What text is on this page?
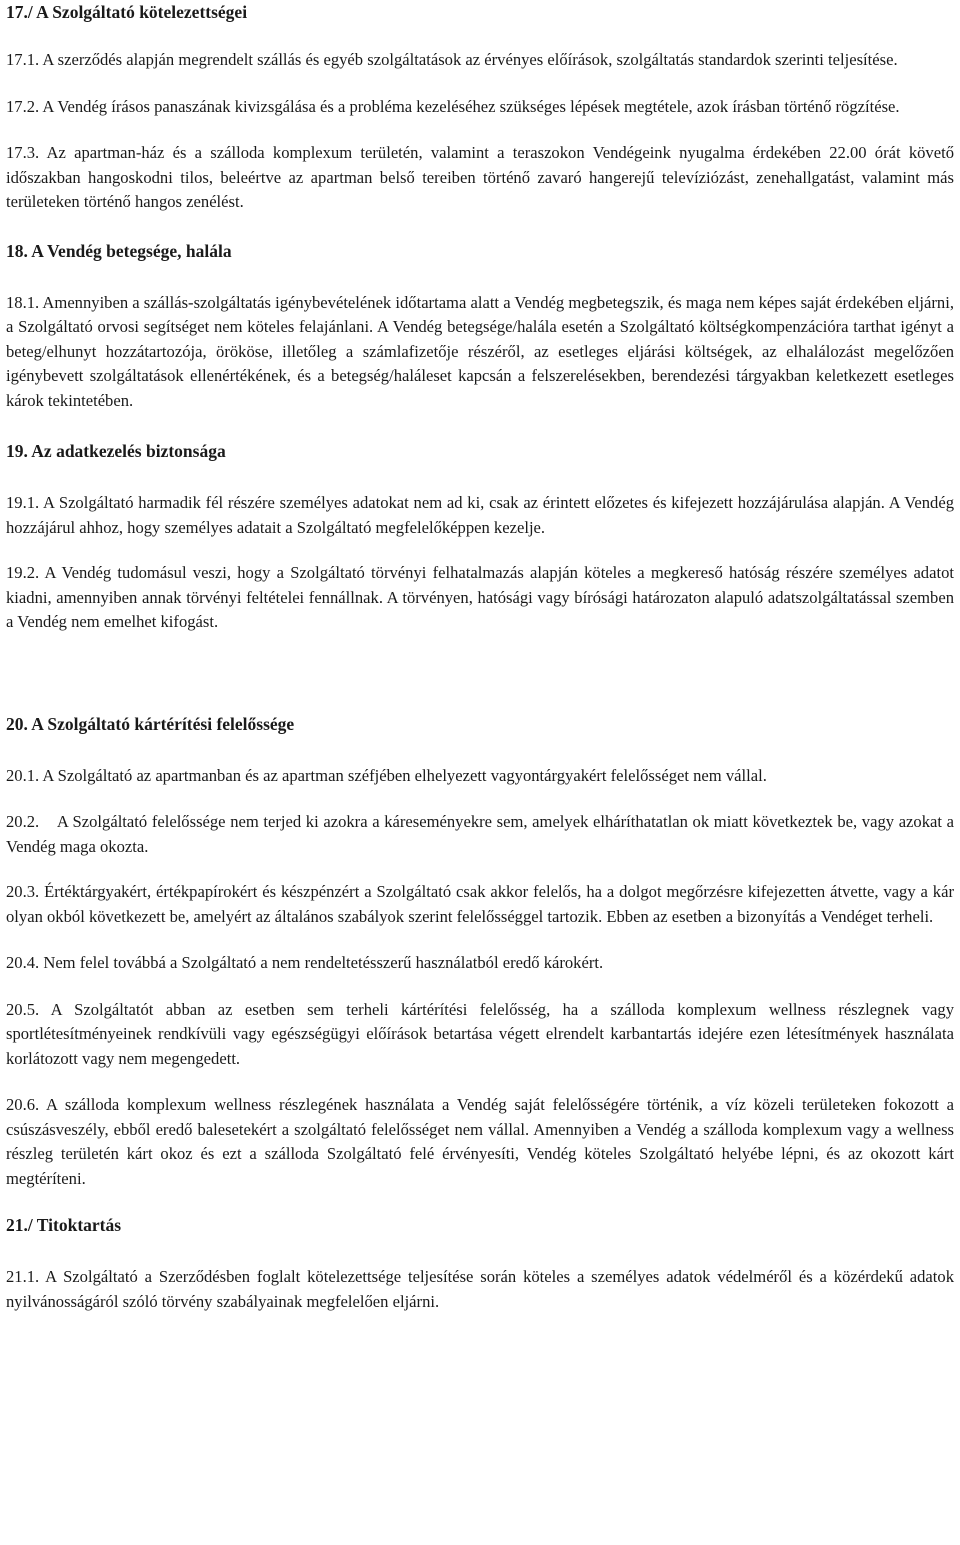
17./ A Szolgáltató kötelezettségei

17.1. A szerződés alapján megrendelt szállás és egyéb szolgáltatások az érvényes előírások, szolgáltatás standardok szerinti teljesítése.

17.2. A Vendég írásos panaszának kivizsgálása és a probléma kezeléséhez szükséges lépések megtétele, azok írásban történő rögzítése.

17.3. Az apartman-ház és a szálloda komplexum területén, valamint a teraszokon Vendégeink nyugalma érdekében 22.00 órát követő időszakban hangoskodni tilos, beleértve az apartman belső tereiben történő zavaró hangerejű televíziózást, zenehallgatást, valamint más területeken történő hangos zenélést.

18. A Vendég betegsége, halála

18.1. Amennyiben a szállás-szolgáltatás igénybevételének időtartama alatt a Vendég megbetegszik, és maga nem képes saját érdekében eljárni, a Szolgáltató orvosi segítséget nem köteles felajánlani. A Vendég betegsége/halála esetén a Szolgáltató költségkompenzációra tarthat igényt a beteg/elhunyt hozzátartozója, örököse, illetőleg a számlafizetője részéről, az esetleges eljárási költségek, az elhalálozást megelőzően igénybevett szolgáltatások ellenértékének, és a betegség/haláleset kapcsán a felszerelésekben, berendezési tárgyakban keletkezett esetleges károk tekintetében.

19. Az adatkezelés biztonsága

19.1. A Szolgáltató harmadik fél részére személyes adatokat nem ad ki, csak az érintett előzetes és kifejezett hozzájárulása alapján. A Vendég hozzájárul ahhoz, hogy személyes adatait a Szolgáltató megfelelőképpen kezelje.

19.2. A Vendég tudomásul veszi, hogy a Szolgáltató törvényi felhatalmazás alapján köteles a megkereső hatóság részére személyes adatot kiadni, amennyiben annak törvényi feltételei fennállnak. A törvényen, hatósági vagy bírósági határozaton alapuló adatszolgáltatással szemben a Vendég nem emelhet kifogást.

20. A Szolgáltató kártérítési felelőssége

20.1. A Szolgáltató az apartmanban és az apartman széfjében elhelyezett vagyontárgyakért felelősséget nem vállal.

20.2.    A Szolgáltató felelőssége nem terjed ki azokra a káreseményekre sem, amelyek elháríthatatlan ok miatt következtek be, vagy azokat a Vendég maga okozta.

20.3. Értéktárgyakért, értékpapírokért és készpénzért a Szolgáltató csak akkor felelős, ha a dolgot megőrzésre kifejezetten átvette, vagy a kár olyan okból következett be, amelyért az általános szabályok szerint felelősséggel tartozik. Ebben az esetben a bizonyítás a Vendéget terheli.

20.4. Nem felel továbbá a Szolgáltató a nem rendeltetésszerű használatból eredő károkért.

20.5. A Szolgáltatót abban az esetben sem terheli kártérítési felelősség, ha a szálloda komplexum wellness részlegnek vagy sportlétesítményeinek rendkívüli vagy egészségügyi előírások betartása végett elrendelt karbantartás idejére ezen létesítmények használata korlátozott vagy nem megengedett.

20.6. A szálloda komplexum wellness részlegének használata a Vendég saját felelősségére történik, a víz közeli területeken fokozott a csúszásveszély, ebből eredő balesetekért a szolgáltató felelősséget nem vállal. Amennyiben a Vendég a szálloda komplexum vagy a wellness részleg területén kárt okoz és ezt a szálloda Szolgáltató felé érvényesíti, Vendég köteles Szolgáltató helyébe lépni, és az okozott kárt megtéríteni.

21./ Titoktartás

21.1. A Szolgáltató a Szerződésben foglalt kötelezettsége teljesítése során köteles a személyes adatok védelméről és a közérdekű adatok nyilvánosságáról szóló törvény szabályainak megfelelően eljárni.
